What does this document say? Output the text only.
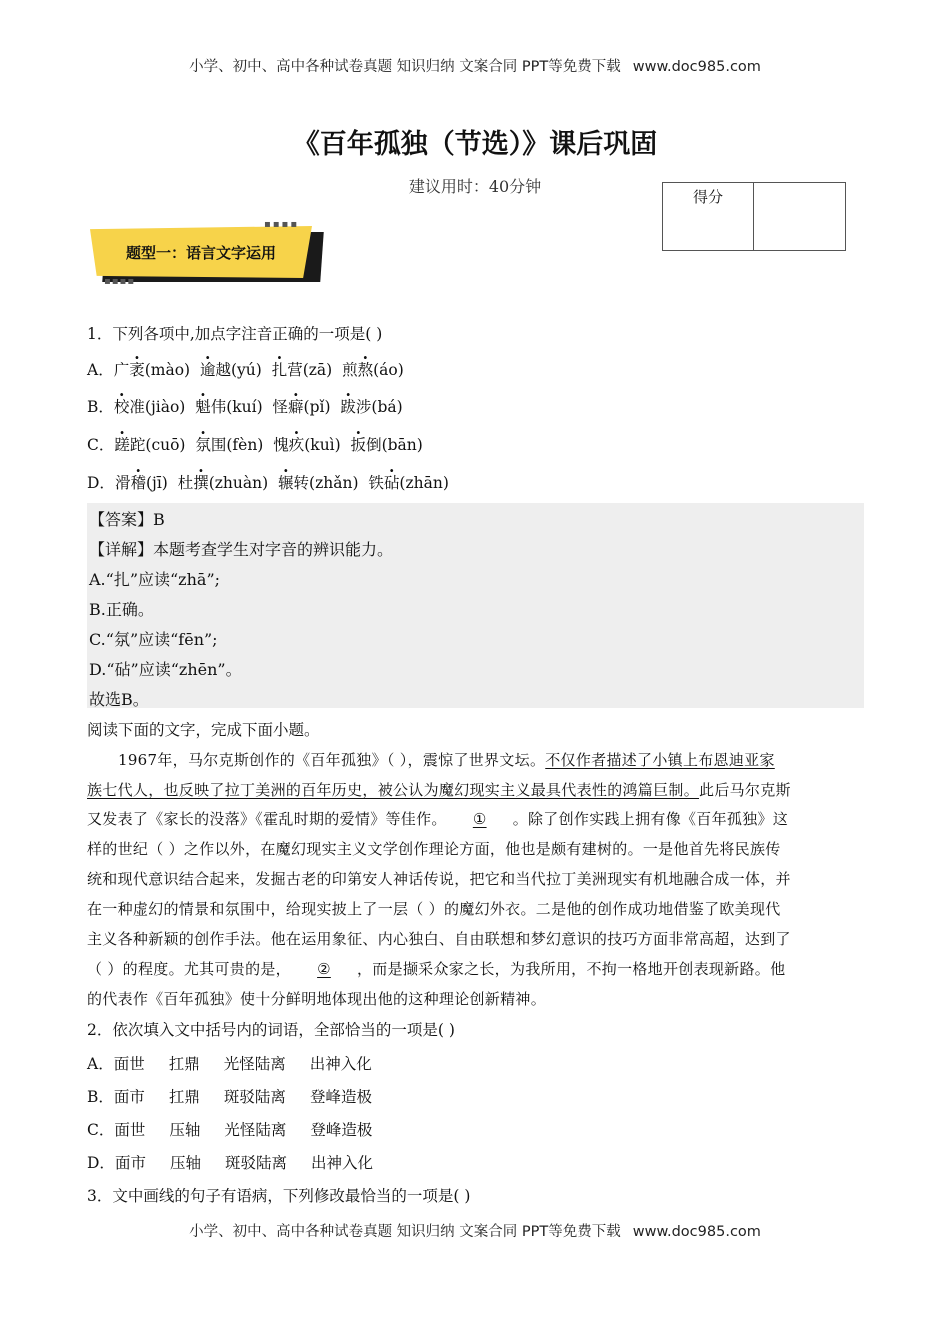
小学、初中、高中各种试卷真题 知识归纳 文案合同 PPT等免费下载 www.doc985.com
《百年孤独（节选）》课后巩固
建议用时：40分钟
得分
▪▪▪▪
▪▪▪▪
题型一：语言文字运用
1．下列各项中,加点字注音正确的一项是( )
A．广袤(mào) 逾越(yú) 扎营(zā) 煎熬(áo)
B．校准(jiào) 魁伟(kuí) 怪癖(pǐ) 跋涉(bá)
C．蹉跎(cuō) 氛围(fèn) 愧疚(kuì) 扳倒(bān)
D．滑稽(jī) 杜撰(zhuàn) 辗转(zhǎn) 铁砧(zhān)
【答案】B
【详解】本题考查学生对字音的辨识能力。
A.“扎”应读“zhā”;
B.正确。
C.“氛”应读“fēn”;
D.“砧”应读“zhēn”。
故选B。
阅读下面的文字，完成下面小题。
1967年，马尔克斯创作的《百年孤独》（ ），震惊了世界文坛。不仅作者描述了小镇上布恩迪亚家
族七代人，也反映了拉丁美洲的百年历史，被公认为魔幻现实主义最具代表性的鸿篇巨制。此后马尔克斯
又发表了《家长的没落》《霍乱时期的爱情》等佳作。 ① 。除了创作实践上拥有像《百年孤独》这
样的世纪（ ）之作以外，在魔幻现实主义文学创作理论方面，他也是颇有建树的。一是他首先将民族传
统和现代意识结合起来，发掘古老的印第安人神话传说，把它和当代拉丁美洲现实有机地融合成一体，并
在一种虚幻的情景和氛围中，给现实披上了一层（ ）的魔幻外衣。二是他的创作成功地借鉴了欧美现代
主义各种新颖的创作手法。他在运用象征、内心独白、自由联想和梦幻意识的技巧方面非常高超，达到了
（ ）的程度。尤其可贵的是， ② ，而是撷采众家之长，为我所用，不拘一格地开创表现新路。他
的代表作《百年孤独》使十分鲜明地体现出他的这种理论创新精神。
2．依次填入文中括号内的词语，全部恰当的一项是( )
A．面世 扛鼎 光怪陆离 出神入化
B．面市 扛鼎 斑驳陆离 登峰造极
C．面世 压轴 光怪陆离 登峰造极
D．面市 压轴 斑驳陆离 出神入化
3．文中画线的句子有语病，下列修改最恰当的一项是( )
小学、初中、高中各种试卷真题 知识归纳 文案合同 PPT等免费下载 www.doc985.com
